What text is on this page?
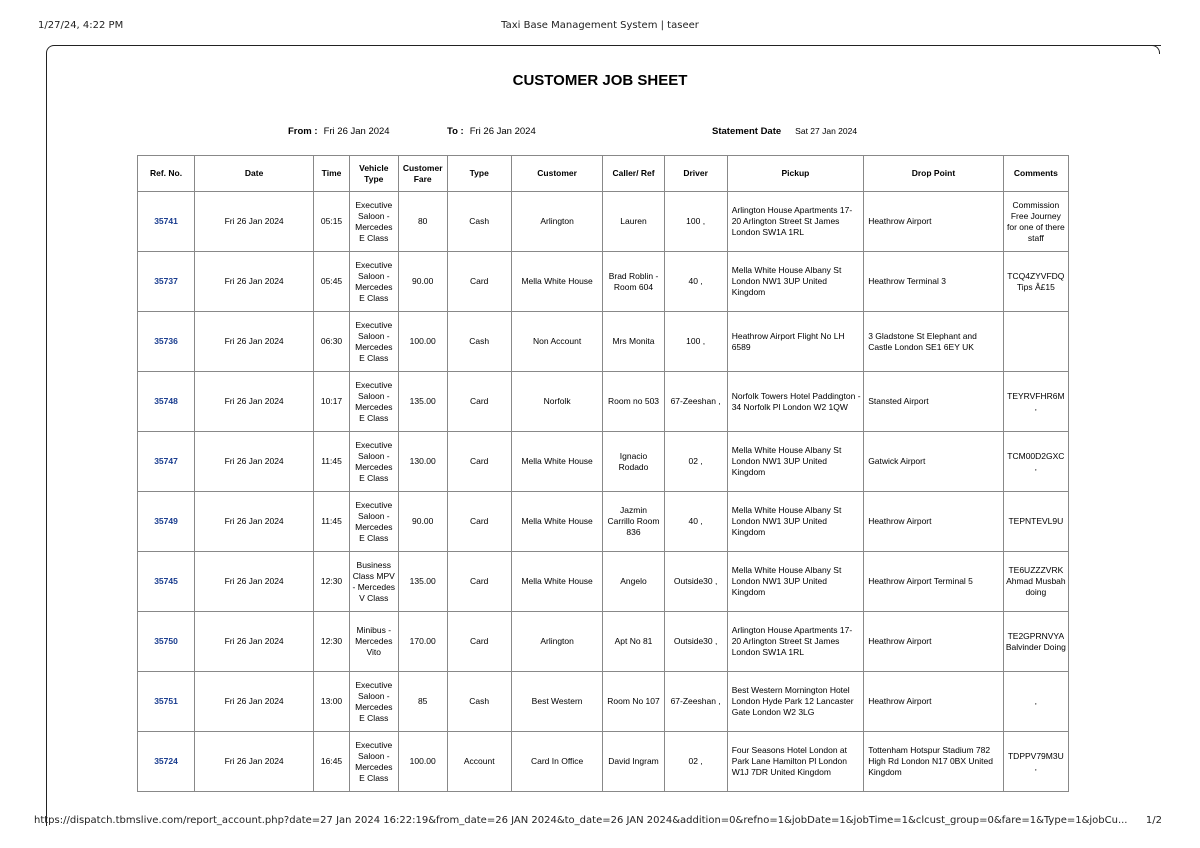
1/27/24, 4:22 PM	Taxi Base Management System | taseer
CUSTOMER JOB SHEET
From : Fri 26 Jan 2024	To : Fri 26 Jan 2024	Statement Date Sat 27 Jan 2024
Ref. No.	Date	Time	Vehicle Type	Customer Fare	Type	Customer	Caller/ Ref	Driver	Pickup	Drop Point	Comments
35741	Fri 26 Jan 2024	05:15	Executive Saloon - Mercedes E Class	80	Cash	Arlington	Lauren	100 ,	Arlington House Apartments 17-20 Arlington Street St James London SW1A 1RL	Heathrow Airport	Commission Free Journey for one of there staff
35737	Fri 26 Jan 2024	05:45	Executive Saloon - Mercedes E Class	90.00	Card	Mella White House	Brad Roblin - Room 604	40 ,	Mella White House Albany St London NW1 3UP United Kingdom	Heathrow Terminal 3	TCQ4ZYVFDQ Tips Â£15
35736	Fri 26 Jan 2024	06:30	Executive Saloon - Mercedes E Class	100.00	Cash	Non Account	Mrs Monita	100 ,	Heathrow Airport Flight No LH 6589	3 Gladstone St Elephant and Castle London SE1 6EY UK	
35748	Fri 26 Jan 2024	10:17	Executive Saloon - Mercedes E Class	135.00	Card	Norfolk	Room no 503	67-Zeeshan ,	Norfolk Towers Hotel Paddington - 34 Norfolk Pl London W2 1QW	Stansted Airport	TEYRVFHR6M ,
35747	Fri 26 Jan 2024	11:45	Executive Saloon - Mercedes E Class	130.00	Card	Mella White House	Ignacio Rodado	02 ,	Mella White House Albany St London NW1 3UP United Kingdom	Gatwick Airport	TCM00D2GXC ,
35749	Fri 26 Jan 2024	11:45	Executive Saloon - Mercedes E Class	90.00	Card	Mella White House	Jazmin Carrillo Room 836	40 ,	Mella White House Albany St London NW1 3UP United Kingdom	Heathrow Airport	TEPNTEVL9U
35745	Fri 26 Jan 2024	12:30	Business Class MPV - Mercedes V Class	135.00	Card	Mella White House	Angelo	Outside30 ,	Mella White House Albany St London NW1 3UP United Kingdom	Heathrow Airport Terminal 5	TE6UZZZVRK Ahmad Musbah doing
35750	Fri 26 Jan 2024	12:30	Minibus - Mercedes Vito	170.00	Card	Arlington	Apt No 81	Outside30 ,	Arlington House Apartments 17-20 Arlington Street St James London SW1A 1RL	Heathrow Airport	TE2GPRNVYA Balvinder Doing
35751	Fri 26 Jan 2024	13:00	Executive Saloon - Mercedes E Class	85	Cash	Best Western	Room No 107	67-Zeeshan ,	Best Western Mornington Hotel London Hyde Park 12 Lancaster Gate London W2 3LG	Heathrow Airport	,
35724	Fri 26 Jan 2024	16:45	Executive Saloon - Mercedes E Class	100.00	Account	Card In Office	David Ingram	02 ,	Four Seasons Hotel London at Park Lane Hamilton Pl London W1J 7DR United Kingdom	Tottenham Hotspur Stadium 782 High Rd London N17 0BX United Kingdom	TDPPV79M3U ,
https://dispatch.tbmslive.com/report_account.php?date=27 Jan 2024 16:22:19&from_date=26 JAN 2024&to_date=26 JAN 2024&addition=0&refno=1&jobDate=1&jobTime=1&clcust_group=0&fare=1&Type=1&jobCu... 1/2
